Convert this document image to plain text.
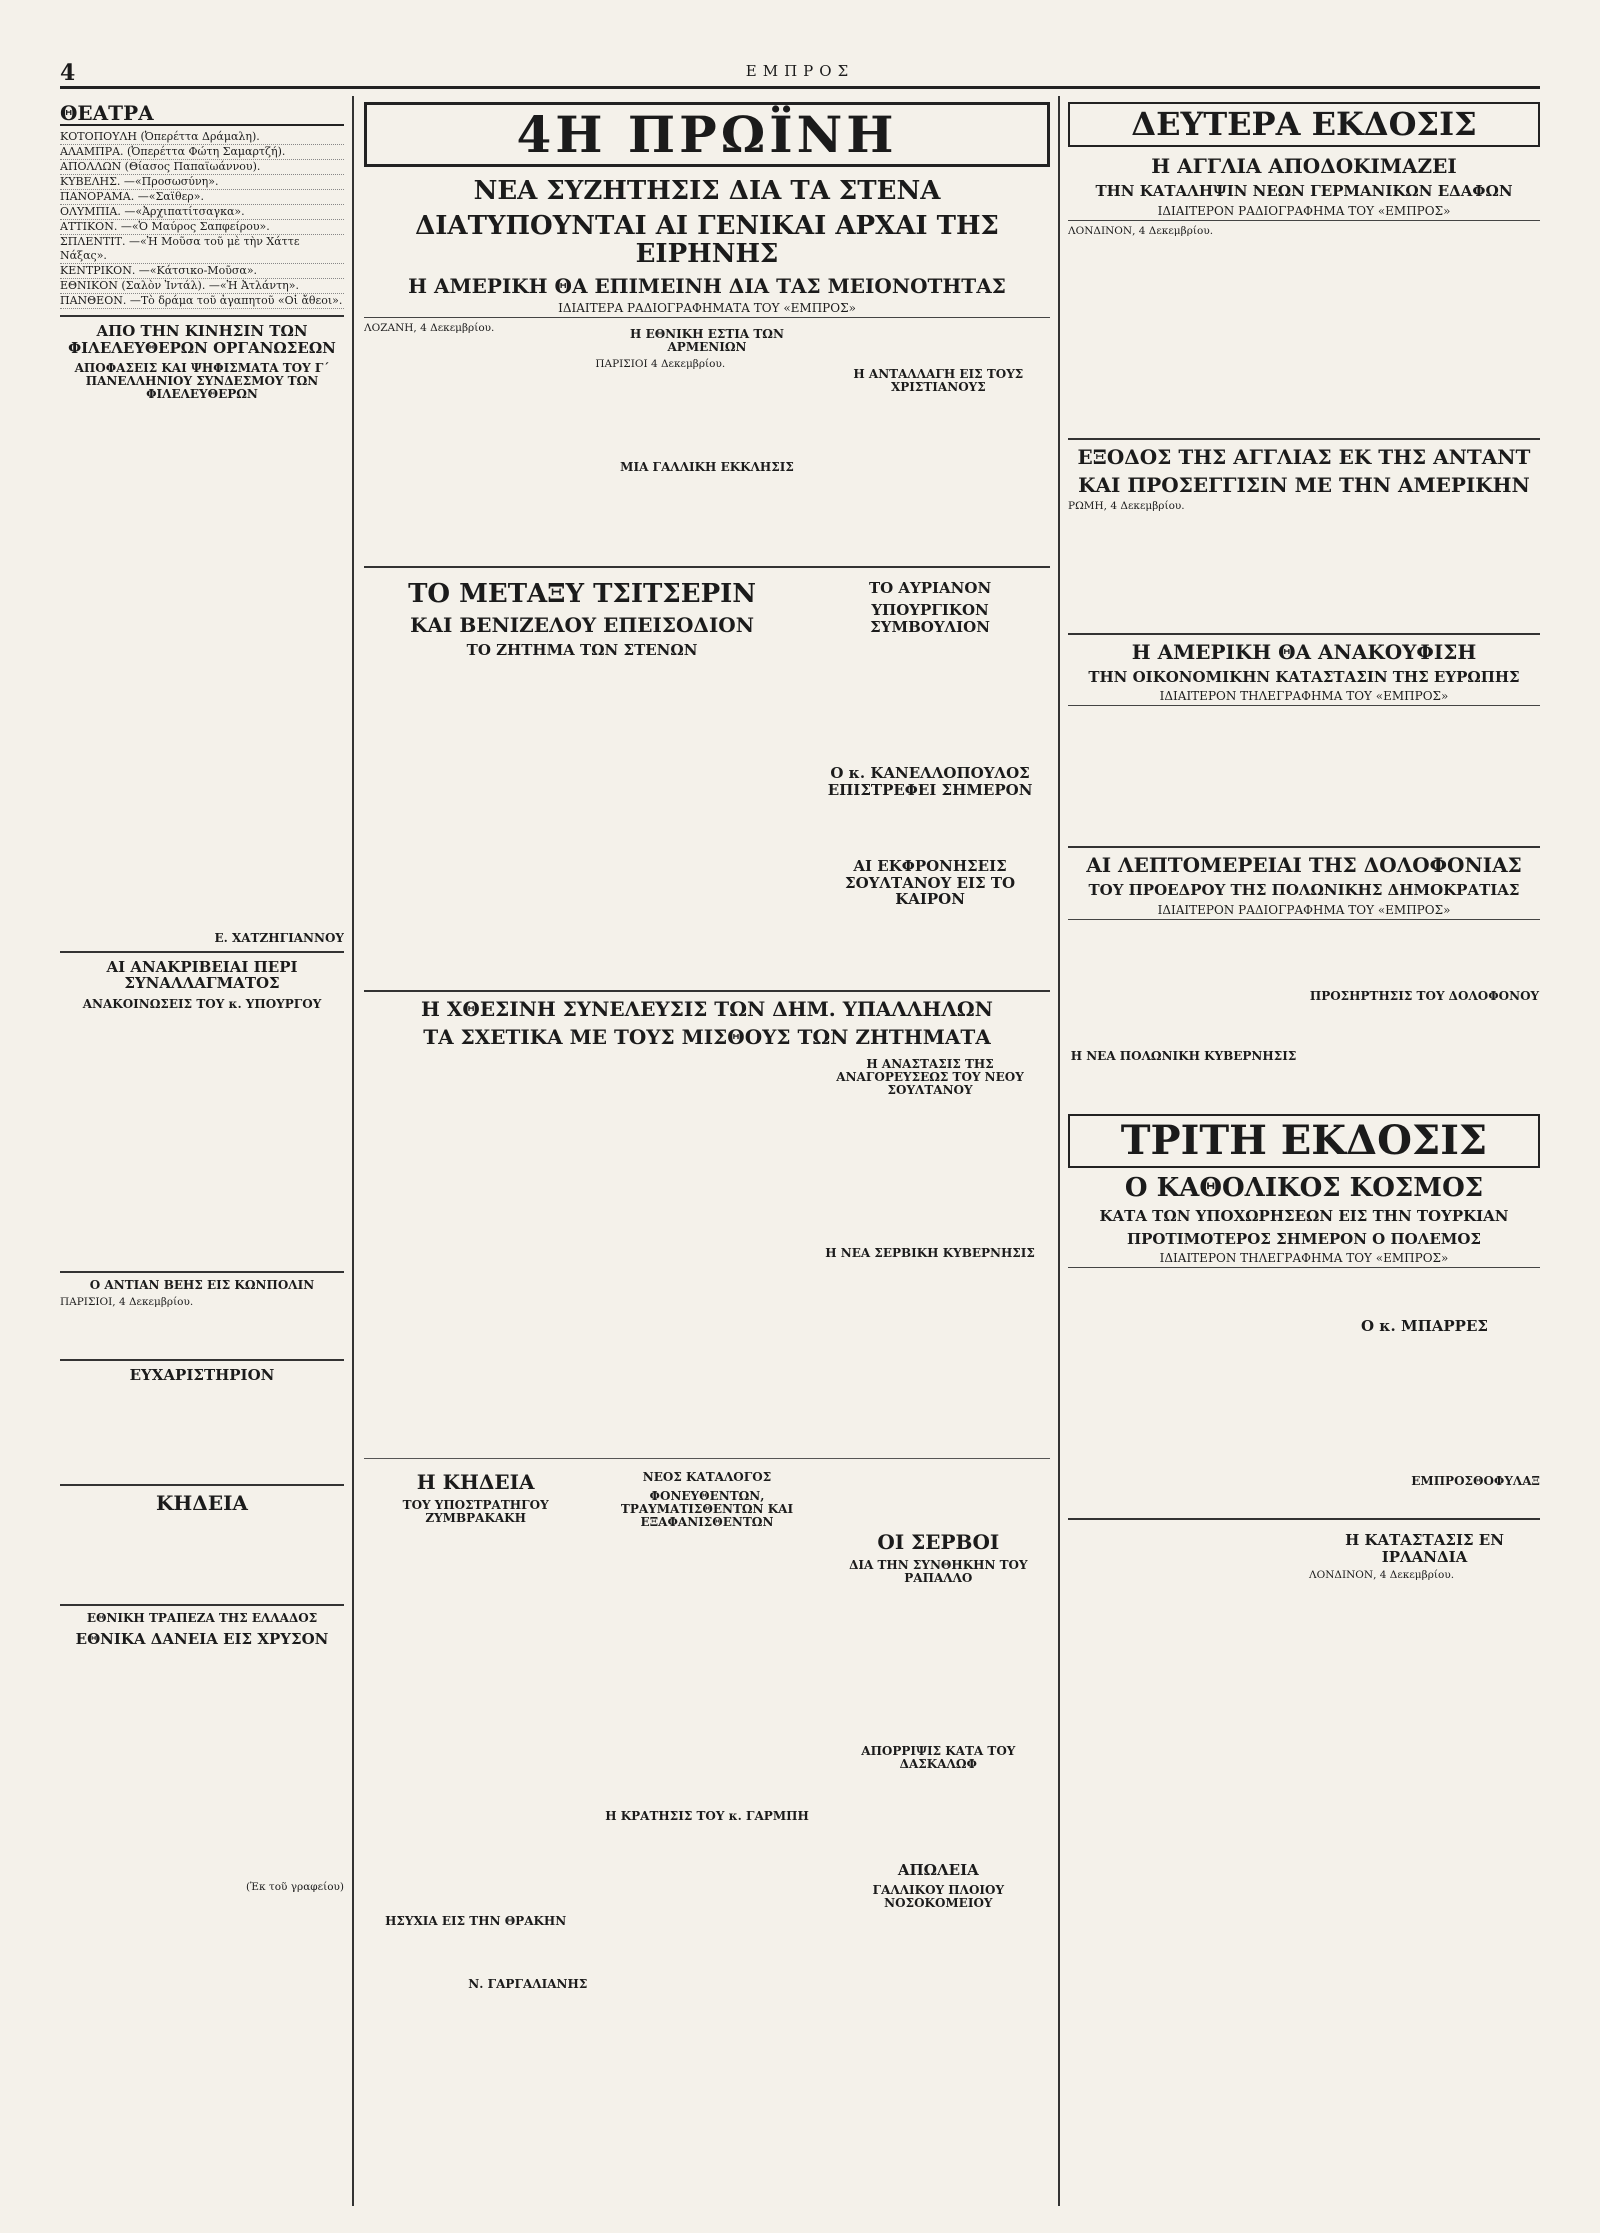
4	ΕΜΠΡΟΣ
ΘΕΑΤΡΑ
ΚΟΤΟΠΟΥΛΗ (Ὀπερέττα Δράμαλη).
ΑΛΑΜΠΡΑ. (Ὀπερέττα Φώτη Σαμαρτζή).
ΑΠΟΛΛΩΝ (Θίασος Παπαϊωάννου).
ΚΥΒΕΛΗΣ. —«Προσωσύνη».
ΠΑΝΟΡΑΜΑ. —«Σαϊθερ».
ΟΛΥΜΠΙΑ. —«Ἀρχιπατίτσαγκα».
ΑΤΤΙΚΟΝ. —«Ὁ Μαύρος Σαπφείρου».
ΣΠΛΕΝΤΙΤ. —«Ἡ Μοῦσα τοῦ μὲ τὴν Χάττε Νάξας».
ΚΕΝΤΡΙΚΟΝ. —«Κάτσικο-Μοῦσα».
ΕΘΝΙΚΟΝ (Σαλὸν Ἰντάλ). —«Ἡ Ἀτλάντη».
ΠΑΝΘΕΟΝ. —Τὸ δράμα τοῦ ἀγαπητοῦ «Οἱ ἄθεοι».
ΑΠΟ ΤΗΝ ΚΙΝΗΣΙΝ ΤΩΝ ΦΙΛΕΛΕΥΘΕΡΩΝ ΟΡΓΑΝΩΣΕΩΝ
ΑΠΟΦΑΣΕΙΣ ΚΑΙ ΨΗΦΙΣΜΑΤΑ ΤΟΥ Γ΄ ΠΑΝΕΛΛΗΝΙΟΥ ΣΥΝΔΕΣΜΟΥ ΤΩΝ ΦΙΛΕΛΕΥΘΕΡΩΝ
Ε. ΧΑΤΖΗΓΙΑΝΝΟΥ
ΑΙ ΑΝΑΚΡΙΒΕΙΑΙ ΠΕΡΙ ΣΥΝΑΛΛΑΓΜΑΤΟΣ
ΑΝΑΚΟΙΝΩΣΕΙΣ ΤΟΥ κ. ΥΠΟΥΡΓΟΥ
Ο ΑΝΤΙΑΝ ΒΕΗΣ ΕΙΣ ΚΩΝΠΟΛΙΝ
ΠΑΡΙΣΙΟΙ, 4 Δεκεμβρίου.
ΕΥΧΑΡΙΣΤΗΡΙΟΝ
ΚΗΔΕΙΑ
ΕΘΝΙΚΗ ΤΡΑΠΕΖΑ ΤΗΣ ΕΛΛΑΔΟΣ
ΕΘΝΙΚΑ ΔΑΝΕΙΑ ΕΙΣ ΧΡΥΣΟΝ
(Ἐκ τοῦ γραφείου)
4Η ΠΡΩΪΝΗ
ΝΕΑ ΣΥΖΗΤΗΣΙΣ ΔΙΑ ΤΑ ΣΤΕΝΑ
ΔΙΑΤΥΠΟΥΝΤΑΙ ΑΙ ΓΕΝΙΚΑΙ ΑΡΧΑΙ ΤΗΣ ΕΙΡΗΝΗΣ
Η ΑΜΕΡΙΚΗ ΘΑ ΕΠΙΜΕΙΝΗ ΔΙΑ ΤΑΣ ΜΕΙΟΝΟΤΗΤΑΣ
ΙΔΙΑΙΤΕΡΑ ΡΑΔΙΟΓΡΑΦΗΜΑΤΑ ΤΟΥ «ΕΜΠΡΟΣ»
ΛΟΖΑΝΗ, 4 Δεκεμβρίου.	Η ΕΘΝΙΚΗ ΕΣΤΙΑ ΤΩΝ ΑΡΜΕΝΙΩΝ
ΠΑΡΙΣΙΟΙ 4 Δεκεμβρίου.
ΜΙΑ ΓΑΛΛΙΚΗ ΕΚΚΛΗΣΙΣ
Η ΑΝΤΑΛΛΑΓΗ ΕΙΣ ΤΟΥΣ ΧΡΙΣΤΙΑΝΟΥΣ
ΤΟ ΜΕΤΑΞΥ ΤΣΙΤΣΕΡΙΝ
ΚΑΙ ΒΕΝΙΖΕΛΟΥ ΕΠΕΙΣΟΔΙΟΝ
ΤΟ ΖΗΤΗΜΑ ΤΩΝ ΣΤΕΝΩΝ
ΤΟ ΑΥΡΙΑΝΟΝ
ΥΠΟΥΡΓΙΚΟΝ ΣΥΜΒΟΥΛΙΟΝ
Ο κ. ΚΑΝΕΛΛΟΠΟΥΛΟΣ ΕΠΙΣΤΡΕΦΕΙ ΣΗΜΕΡΟΝ
ΑΙ ΕΚΦΡΟΝΗΣΕΙΣ ΣΟΥΛΤΑΝΟΥ ΕΙΣ ΤΟ ΚΑΙΡΟΝ
Η ΧΘΕΣΙΝΗ ΣΥΝΕΛΕΥΣΙΣ ΤΩΝ ΔΗΜ. ΥΠΑΛΛΗΛΩΝ
ΤΑ ΣΧΕΤΙΚΑ ΜΕ ΤΟΥΣ ΜΙΣΘΟΥΣ ΤΩΝ ΖΗΤΗΜΑΤΑ
Η ΑΝΑΣΤΑΣΙΣ ΤΗΣ ΑΝΑΓΟΡΕΥΣΕΩΣ ΤΟΥ ΝΕΟΥ ΣΟΥΛΤΑΝΟΥ
Η ΝΕΑ ΣΕΡΒΙΚΗ ΚΥΒΕΡΝΗΣΙΣ
Η ΚΗΔΕΙΑ
ΤΟΥ ΥΠΟΣΤΡΑΤΗΓΟΥ ΖΥΜΒΡΑΚΑΚΗ
ΗΣΥΧΙΑ ΕΙΣ ΤΗΝ ΘΡΑΚΗΝ
Ν. ΓΑΡΓΑΛΙΑΝΗΣ
ΝΕΟΣ ΚΑΤΑΛΟΓΟΣ
ΦΟΝΕΥΘΕΝΤΩΝ, ΤΡΑΥΜΑΤΙΣΘΕΝΤΩΝ ΚΑΙ ΕΞΑΦΑΝΙΣΘΕΝΤΩΝ
Η ΚΡΑΤΗΣΙΣ ΤΟΥ κ. ΓΑΡΜΠΗ
ΟΙ ΣΕΡΒΟΙ
ΔΙΑ ΤΗΝ ΣΥΝΘΗΚΗΝ ΤΟΥ ΡΑΠΑΛΛΟ
ΑΠΟΡΡΙΨΙΣ ΚΑΤΑ ΤΟΥ ΔΑΣΚΑΛΩΦ
ΑΠΩΛΕΙΑ
ΓΑΛΛΙΚΟΥ ΠΛΟΙΟΥ ΝΟΣΟΚΟΜΕΙΟΥ
ΔΕΥΤΕΡΑ ΕΚΔΟΣΙΣ
Η ΑΓΓΛΙΑ ΑΠΟΔΟΚΙΜΑΖΕΙ
ΤΗΝ ΚΑΤΑΛΗΨΙΝ ΝΕΩΝ ΓΕΡΜΑΝΙΚΩΝ ΕΔΑΦΩΝ
ΙΔΙΑΙΤΕΡΟΝ ΡΑΔΙΟΓΡΑΦΗΜΑ ΤΟΥ «ΕΜΠΡΟΣ»
ΛΟΝΔΙΝΟΝ, 4 Δεκεμβρίου.
ΕΞΟΔΟΣ ΤΗΣ ΑΓΓΛΙΑΣ ΕΚ ΤΗΣ ΑΝΤΑΝΤ
ΚΑΙ ΠΡΟΣΕΓΓΙΣΙΝ ΜΕ ΤΗΝ ΑΜΕΡΙΚΗΝ
ΡΩΜΗ, 4 Δεκεμβρίου.
Η ΑΜΕΡΙΚΗ ΘΑ ΑΝΑΚΟΥΦΙΣΗ
ΤΗΝ ΟΙΚΟΝΟΜΙΚΗΝ ΚΑΤΑΣΤΑΣΙΝ ΤΗΣ ΕΥΡΩΠΗΣ
ΙΔΙΑΙΤΕΡΟΝ ΤΗΛΕΓΡΑΦΗΜΑ ΤΟΥ «ΕΜΠΡΟΣ»
ΑΙ ΛΕΠΤΟΜΕΡΕΙΑΙ ΤΗΣ ΔΟΛΟΦΟΝΙΑΣ
ΤΟΥ ΠΡΟΕΔΡΟΥ ΤΗΣ ΠΟΛΩΝΙΚΗΣ ΔΗΜΟΚΡΑΤΙΑΣ
ΙΔΙΑΙΤΕΡΟΝ ΡΑΔΙΟΓΡΑΦΗΜΑ ΤΟΥ «ΕΜΠΡΟΣ»
Η ΝΕΑ ΠΟΛΩΝΙΚΗ ΚΥΒΕΡΝΗΣΙΣ
ΠΡΟΣΗΡΤΗΣΙΣ ΤΟΥ ΔΟΛΟΦΟΝΟΥ
ΤΡΙΤΗ ΕΚΔΟΣΙΣ
Ο ΚΑΘΟΛΙΚΟΣ ΚΟΣΜΟΣ
ΚΑΤΑ ΤΩΝ ΥΠΟΧΩΡΗΣΕΩΝ ΕΙΣ ΤΗΝ ΤΟΥΡΚΙΑΝ
ΠΡΟΤΙΜΟΤΕΡΟΣ ΣΗΜΕΡΟΝ Ο ΠΟΛΕΜΟΣ
ΙΔΙΑΙΤΕΡΟΝ ΤΗΛΕΓΡΑΦΗΜΑ ΤΟΥ «ΕΜΠΡΟΣ»
Ο κ. ΜΠΑΡΡΕΣ
ΕΜΠΡΟΣΘΟΦΥΛΑΞ
Η ΚΑΤΑΣΤΑΣΙΣ ΕΝ ΙΡΛΑΝΔΙΑ
ΛΟΝΔΙΝΟΝ, 4 Δεκεμβρίου.
